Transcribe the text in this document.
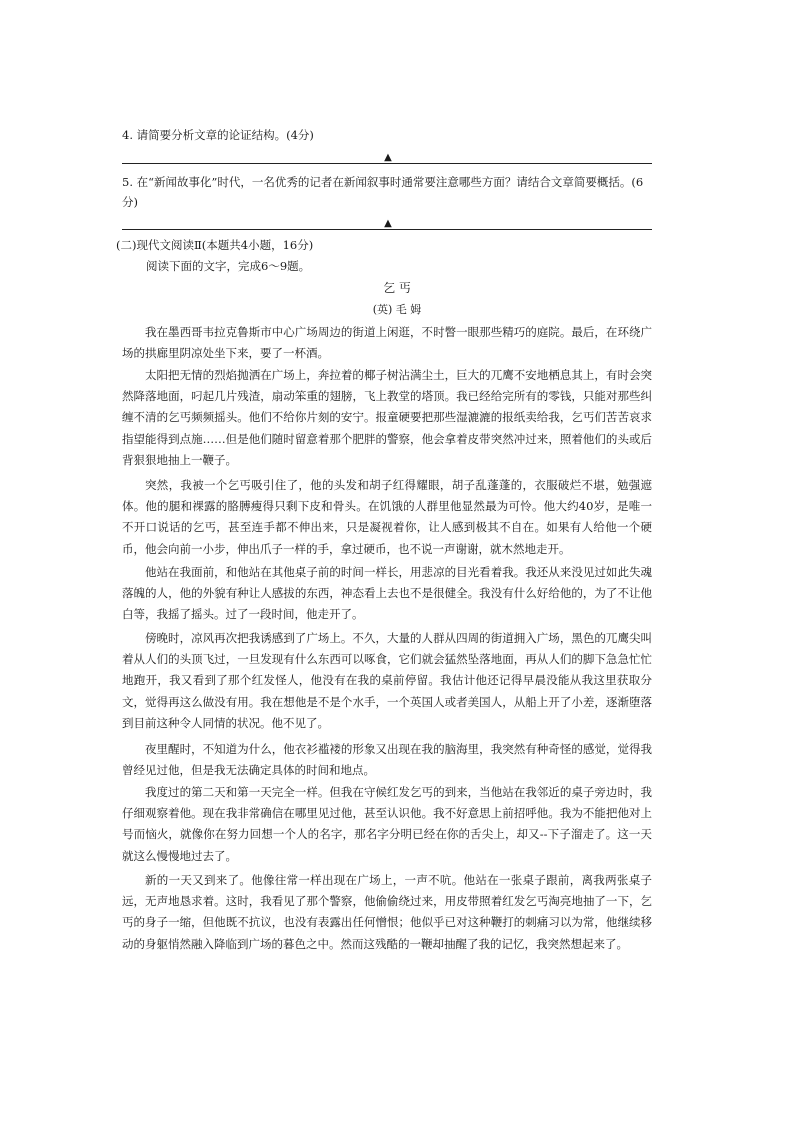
4. 请简要分析文章的论证结构。(4分)
▲
5. 在“新闻故事化”时代，一名优秀的记者在新闻叙事时通常要注意哪些方面？请结合文章简要概括。(6分)
▲
(二)现代文阅读Ⅱ(本题共4小题，16分)
阅读下面的文字，完成6～9题。
乞 丐
(英) 毛 姆
我在墨西哥韦拉克鲁斯市中心广场周边的街道上闲逛，不时瞥一眼那些精巧的庭院。最后，在环绕广场的拱廊里阴凉处坐下来，要了一杯酒。
太阳把无情的烈焰抛洒在广场上，奔拉着的椰子树沾满尘土，巨大的兀鹰不安地栖息其上，有时会突然降落地面，叼起几片残渣，扇动笨重的翅膀，飞上教堂的塔顶。我已经给完所有的零钱，只能对那些纠缠不清的乞丐频频摇头。他们不给你片刻的安宁。报童硬要把那些湿漉漉的报纸卖给我，乞丐们苦苦哀求指望能得到点施……但是他们随时留意着那个肥胖的警察，他会拿着皮带突然冲过来，照着他们的头或后背狠狠地抽上一鞭子。
突然，我被一个乞丐吸引住了，他的头发和胡子红得耀眼，胡子乱蓬蓬的，衣服破烂不堪，勉强遮体。他的腿和裸露的胳膊瘦得只剩下皮和骨头。在饥饿的人群里他显然最为可怜。他大约40岁，是唯一不开口说话的乞丐，甚至连手都不伸出来，只是凝视着你，让人感到极其不自在。如果有人给他一个硬币，他会向前一小步，伸出爪子一样的手，拿过硬币，也不说一声谢谢，就木然地走开。
他站在我面前，和他站在其他桌子前的时间一样长，用悲凉的目光看着我。我还从来没见过如此失魂落魄的人，他的外貌有种让人感拔的东西，神态看上去也不是很健全。我没有什么好给他的，为了不让他白等，我摇了摇头。过了一段时间，他走开了。
傍晚时，凉风再次把我诱感到了广场上。不久，大量的人群从四周的街道拥入广场，黑色的兀鹰尖叫着从人们的头顶飞过，一旦发现有什么东西可以啄食，它们就会猛然坠落地面，再从人们的脚下急急忙忙地跑开，我又看到了那个红发怪人，他没有在我的桌前停留。我估计他还记得早晨没能从我这里获取分文，觉得再这么做没有用。我在想他是不是个水手，一个英国人或者美国人，从船上开了小差，逐渐堕落到目前这种令人同情的状况。他不见了。
夜里醒时，不知道为什么，他衣衫褴褛的形象又出现在我的脑海里，我突然有种奇怪的感觉，觉得我曾经见过他，但是我无法确定具体的时间和地点。
我度过的第二天和第一天完全一样。但我在守候红发乞丐的到来，当他站在我邻近的桌子旁边时，我仔细观察着他。现在我非常确信在哪里见过他，甚至认识他。我不好意思上前招呼他。我为不能把他对上号而恼火，就像你在努力回想一个人的名字，那名字分明已经在你的舌尖上，却又--下子溜走了。这一天就这么慢慢地过去了。
新的一天又到来了。他像往常一样出现在广场上，一声不吭。他站在一张桌子跟前，离我两张桌子远，无声地恳求着。这时，我看见了那个警察，他偷偷绕过来，用皮带照着红发乞丐淘亮地抽了一下，乞丐的身子一缩，但他既不抗议，也没有表露出任何憎恨；他似乎已对这种鞭打的刺痛习以为常，他继续移动的身躯悄然融入降临到广场的暮色之中。然而这残酷的一鞭却抽醒了我的记忆，我突然想起来了。
